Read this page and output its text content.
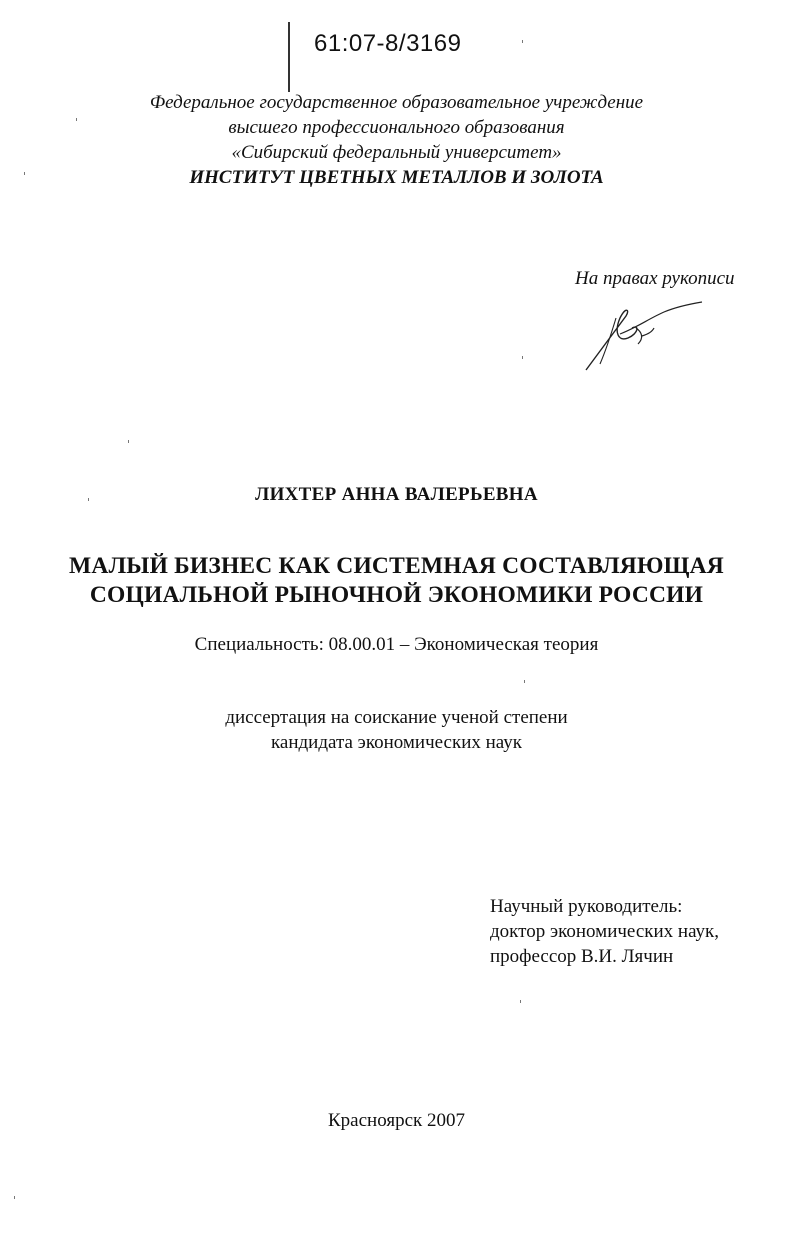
61:07-8/3169
Федеральное государственное образовательное учреждение
высшего профессионального образования
«Сибирский федеральный университет»
ИНСТИТУТ ЦВЕТНЫХ МЕТАЛЛОВ И ЗОЛОТА
На правах рукописи
ЛИХТЕР АННА ВАЛЕРЬЕВНА
МАЛЫЙ БИЗНЕС КАК СИСТЕМНАЯ СОСТАВЛЯЮЩАЯ
СОЦИАЛЬНОЙ РЫНОЧНОЙ ЭКОНОМИКИ РОССИИ
Специальность: 08.00.01 – Экономическая теория
диссертация на соискание ученой степени
кандидата экономических наук
Научный руководитель:
доктор экономических наук,
профессор В.И. Лячин
Красноярск 2007
